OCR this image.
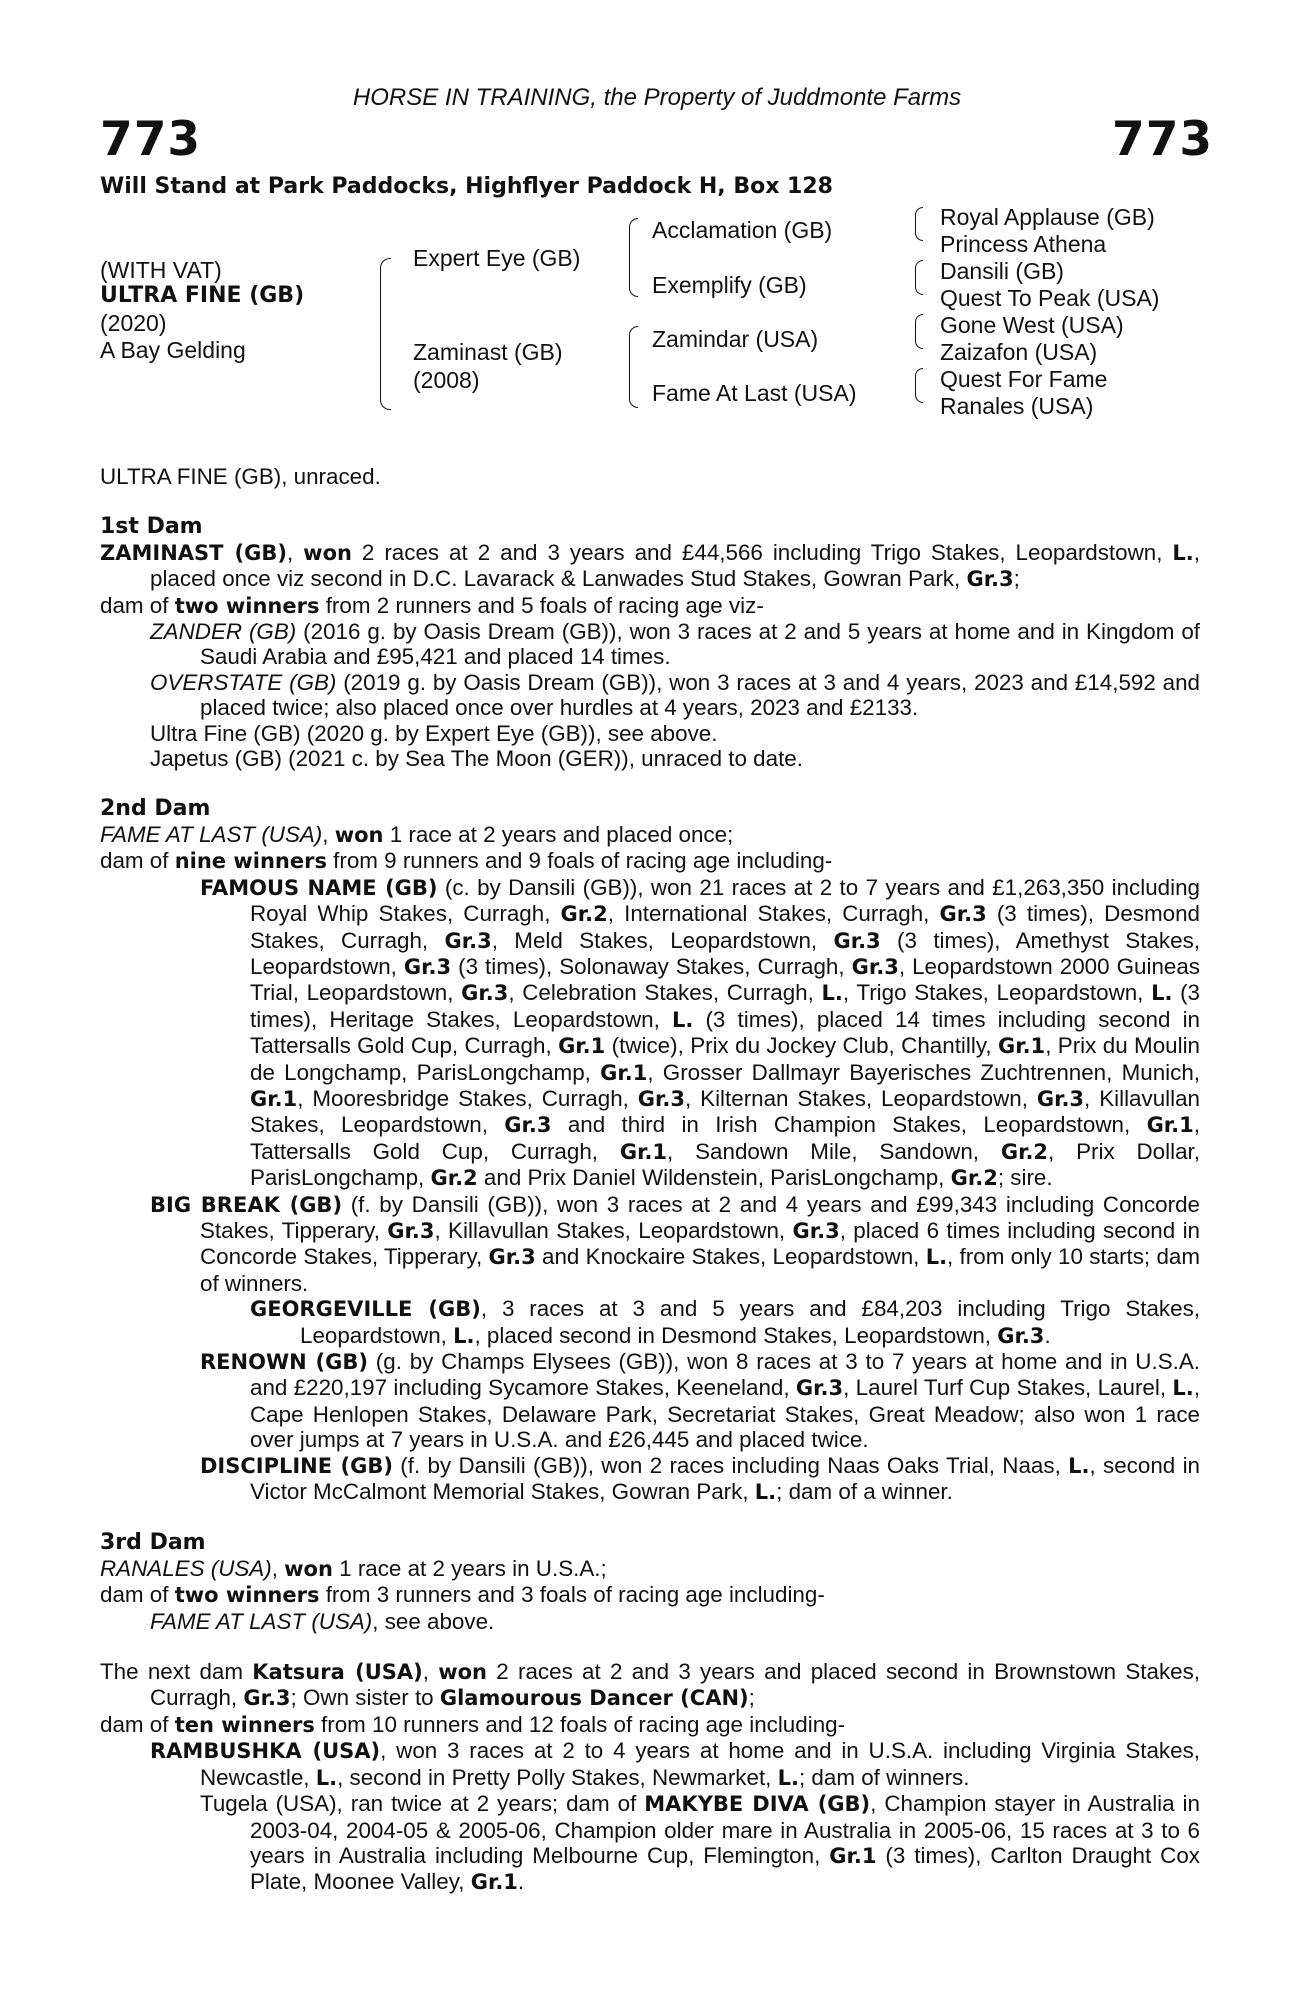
HORSE IN TRAINING, the Property of Juddmonte Farms
773	773
Will Stand at Park Paddocks, Highflyer Paddock H, Box 128
(WITH VAT)
ULTRA FINE (GB)
(2020)
A Bay Gelding
Expert Eye (GB)
Zaminast (GB)
(2008)
Acclamation (GB)
Exemplify (GB)
Zamindar (USA)
Fame At Last (USA)
Royal Applause (GB)
Princess Athena
Dansili (GB)
Quest To Peak (USA)
Gone West (USA)
Zaizafon (USA)
Quest For Fame
Ranales (USA)

ULTRA FINE (GB), unraced.

1st Dam

ZAMINAST (GB), won 2 races at 2 and 3 years and £44,566 including Trigo Stakes, Leopardstown, L., placed once viz second in D.C. Lavarack & Lanwades Stud Stakes, Gowran Park, Gr.3;

dam of two winners from 2 runners and 5 foals of racing age viz-

ZANDER (GB) (2016 g. by Oasis Dream (GB)), won 3 races at 2 and 5 years at home and in Kingdom of Saudi Arabia and £95,421 and placed 14 times.

OVERSTATE (GB) (2019 g. by Oasis Dream (GB)), won 3 races at 3 and 4 years, 2023 and £14,592 and placed twice; also placed once over hurdles at 4 years, 2023 and £2133.

Ultra Fine (GB) (2020 g. by Expert Eye (GB)), see above.

Japetus (GB) (2021 c. by Sea The Moon (GER)), unraced to date.

2nd Dam

FAME AT LAST (USA), won 1 race at 2 years and placed once;

dam of nine winners from 9 runners and 9 foals of racing age including-

FAMOUS NAME (GB) (c. by Dansili (GB)), won 21 races at 2 to 7 years and £1,263,350 including Royal Whip Stakes, Curragh, Gr.2, International Stakes, Curragh, Gr.3 (3 times), Desmond Stakes, Curragh, Gr.3, Meld Stakes, Leopardstown, Gr.3 (3 times), Amethyst Stakes, Leopardstown, Gr.3 (3 times), Solonaway Stakes, Curragh, Gr.3, Leopardstown 2000 Guineas Trial, Leopardstown, Gr.3, Celebration Stakes, Curragh, L., Trigo Stakes, Leopardstown, L. (3 times), Heritage Stakes, Leopardstown, L. (3 times), placed 14 times including second in Tattersalls Gold Cup, Curragh, Gr.1 (twice), Prix du Jockey Club, Chantilly, Gr.1, Prix du Moulin de Longchamp, ParisLongchamp, Gr.1, Grosser Dallmayr Bayerisches Zuchtrennen, Munich, Gr.1, Mooresbridge Stakes, Curragh, Gr.3, Kilternan Stakes, Leopardstown, Gr.3, Killavullan Stakes, Leopardstown, Gr.3 and third in Irish Champion Stakes, Leopardstown, Gr.1, Tattersalls Gold Cup, Curragh, Gr.1, Sandown Mile, Sandown, Gr.2, Prix Dollar, ParisLongchamp, Gr.2 and Prix Daniel Wildenstein, ParisLongchamp, Gr.2; sire.

BIG BREAK (GB) (f. by Dansili (GB)), won 3 races at 2 and 4 years and £99,343 including Concorde Stakes, Tipperary, Gr.3, Killavullan Stakes, Leopardstown, Gr.3, placed 6 times including second in Concorde Stakes, Tipperary, Gr.3 and Knockaire Stakes, Leopardstown, L., from only 10 starts; dam of winners.

GEORGEVILLE (GB), 3 races at 3 and 5 years and £84,203 including Trigo Stakes, Leopardstown, L., placed second in Desmond Stakes, Leopardstown, Gr.3.

RENOWN (GB) (g. by Champs Elysees (GB)), won 8 races at 3 to 7 years at home and in U.S.A. and £220,197 including Sycamore Stakes, Keeneland, Gr.3, Laurel Turf Cup Stakes, Laurel, L., Cape Henlopen Stakes, Delaware Park, Secretariat Stakes, Great Meadow; also won 1 race over jumps at 7 years in U.S.A. and £26,445 and placed twice.

DISCIPLINE (GB) (f. by Dansili (GB)), won 2 races including Naas Oaks Trial, Naas, L., second in Victor McCalmont Memorial Stakes, Gowran Park, L.; dam of a winner.

3rd Dam

RANALES (USA), won 1 race at 2 years in U.S.A.;

dam of two winners from 3 runners and 3 foals of racing age including-

FAME AT LAST (USA), see above.

The next dam Katsura (USA), won 2 races at 2 and 3 years and placed second in Brownstown Stakes, Curragh, Gr.3; Own sister to Glamourous Dancer (CAN);

dam of ten winners from 10 runners and 12 foals of racing age including-

RAMBUSHKA (USA), won 3 races at 2 to 4 years at home and in U.S.A. including Virginia Stakes, Newcastle, L., second in Pretty Polly Stakes, Newmarket, L.; dam of winners.

Tugela (USA), ran twice at 2 years; dam of MAKYBE DIVA (GB), Champion stayer in Australia in 2003-04, 2004-05 & 2005-06, Champion older mare in Australia in 2005-06, 15 races at 3 to 6 years in Australia including Melbourne Cup, Flemington, Gr.1 (3 times), Carlton Draught Cox Plate, Moonee Valley, Gr.1.
